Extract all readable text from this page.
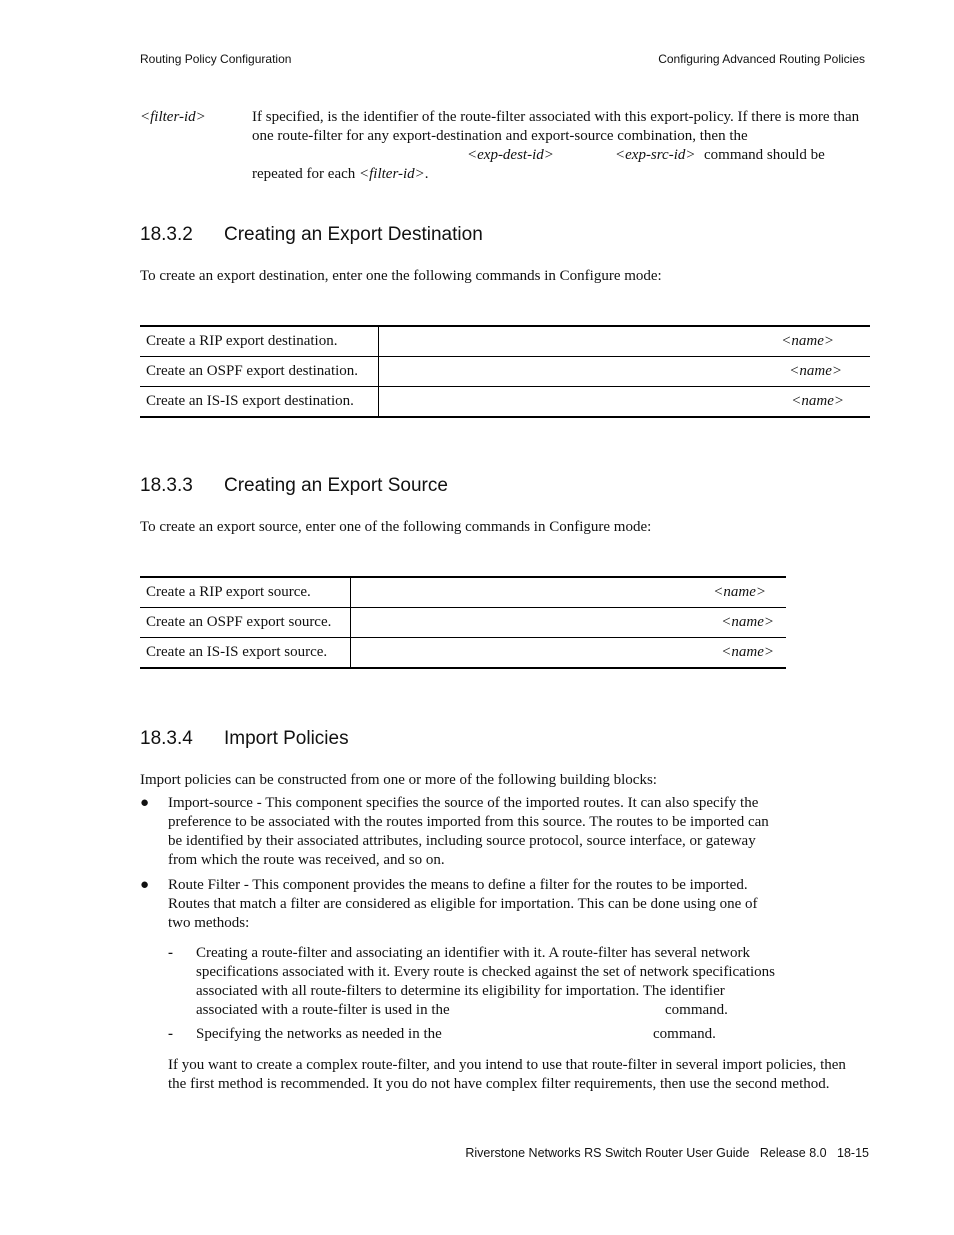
Routing Policy Configuration	Configuring Advanced Routing Policies
<filter-id>	If specified, is the identifier of the route-filter associated with this export-policy. If there is more than
one route-filter for any export-destination and export-source combination, then the
<exp-dest-id>	<exp-src-id> command should be
repeated for each <filter-id>.
18.3.2 Creating an Export Destination
To create an export destination, enter one the following commands in Configure mode:
Create a RIP export destination.	<name>
Create an OSPF export destination.	<name>
Create an IS-IS export destination.	<name>
18.3.3 Creating an Export Source
To create an export source, enter one of the following commands in Configure mode:
Create a RIP export source.	<name>
Create an OSPF export source.	<name>
Create an IS-IS export source.	<name>
18.3.4 Import Policies
Import policies can be constructed from one or more of the following building blocks:
● Import-source - This component specifies the source of the imported routes. It can also specify the
preference to be associated with the routes imported from this source. The routes to be imported can
be identified by their associated attributes, including source protocol, source interface, or gateway
from which the route was received, and so on.
● Route Filter - This component provides the means to define a filter for the routes to be imported.
Routes that match a filter are considered as eligible for importation. This can be done using one of
two methods:
- Creating a route-filter and associating an identifier with it. A route-filter has several network
specifications associated with it. Every route is checked against the set of network specifications
associated with all route-filters to determine its eligibility for importation. The identifier
associated with a route-filter is used in the	command.
- Specifying the networks as needed in the	command.
If you want to create a complex route-filter, and you intend to use that route-filter in several import policies, then
the first method is recommended. It you do not have complex filter requirements, then use the second method.
Riverstone Networks RS Switch Router User Guide Release 8.0 18-15
